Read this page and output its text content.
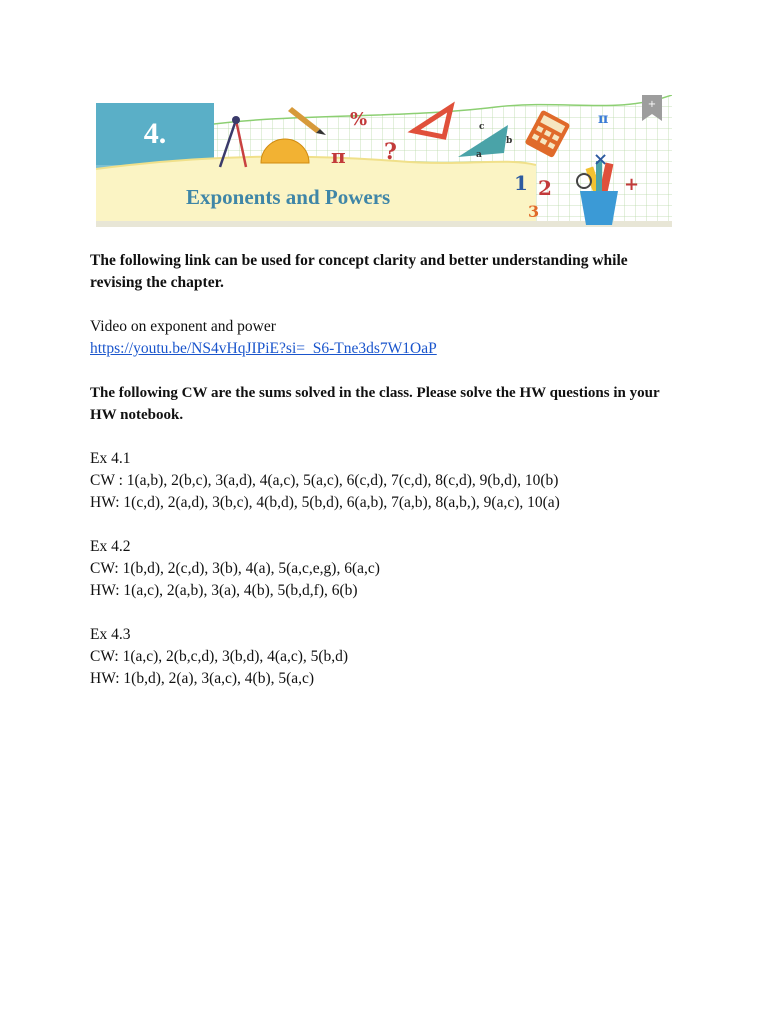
+
%
π ?
π
×
+
1 2
3
a
b
c
4.
Exponents and Powers

The following link can be used for concept clarity and better understanding while revising the chapter.

Video on exponent and power

https://youtu.be/NS4vHqJIPiE?si=_S6-Tne3ds7W1OaP

The following CW are the sums solved in the class. Please solve the HW questions in your HW notebook.

Ex 4.1

CW : 1(a,b), 2(b,c), 3(a,d), 4(a,c), 5(a,c), 6(c,d), 7(c,d), 8(c,d), 9(b,d), 10(b)

HW: 1(c,d), 2(a,d), 3(b,c), 4(b,d), 5(b,d), 6(a,b), 7(a,b), 8(a,b,), 9(a,c), 10(a)

Ex 4.2

CW: 1(b,d), 2(c,d), 3(b), 4(a), 5(a,c,e,g), 6(a,c)

HW: 1(a,c), 2(a,b), 3(a), 4(b), 5(b,d,f), 6(b)

Ex 4.3

CW: 1(a,c), 2(b,c,d), 3(b,d), 4(a,c), 5(b,d)

HW: 1(b,d), 2(a), 3(a,c), 4(b), 5(a,c)
